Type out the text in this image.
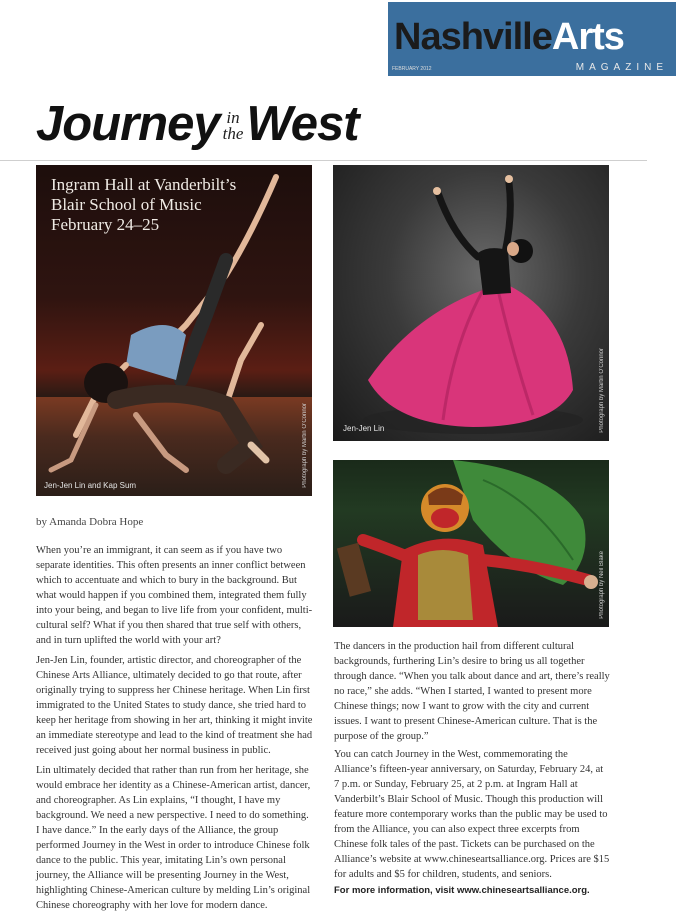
NashvilleArts
FEBRUARY 2012	MAGAZINE
Journey in
theWest
Ingram Hall at Vanderbilt’s
Blair School of Music
February 24–25
Jen-Jen Lin and Kap Sum	Photograph by Martin O’Connor	Jen-Jen Lin	Photograph by Martin O’Connor
Photograph by Neil Blake
by Amanda Dobra Hope

When you’re an immigrant, it can seem as if you have two separate identities. This often presents an inner conflict between which to accentuate and which to bury in the background. But what would happen if you combined them, integrated them fully into your being, and began to live life from your confident, multi-cultural self? What if you then shared that true self with others, and in turn uplifted the world with your art?

Jen-Jen Lin, founder, artistic director, and choreographer of the Chinese Arts Alliance, ultimately decided to go that route, after originally trying to suppress her Chinese heritage. When Lin first immigrated to the United States to study dance, she tried hard to keep her heritage from showing in her art, thinking it might invite an immediate stereotype and lead to the kind of treatment she had received just going about her normal business in public.

Lin ultimately decided that rather than run from her heritage, she would embrace her identity as a Chinese-American artist, dancer, and choreographer. As Lin explains, “I thought, I have my background. We need a new perspective. I need to do something. I have dance.” In the early days of the Alliance, the group performed Journey in the West in order to introduce Chinese folk dance to the public. This year, imitating Lin’s own personal journey, the Alliance will be presenting Journey in the West, highlighting Chinese-American culture by melding Lin’s original Chinese choreography with her love for modern dance.

The dancers in the production hail from different cultural backgrounds, furthering Lin’s desire to bring us all together through dance. “When you talk about dance and art, there’s really no race,” she adds. “When I started, I wanted to present more Chinese things; now I want to grow with the city and current issues. I want to present Chinese-American culture. That is the purpose of the group.”

You can catch Journey in the West, commemorating the Alliance’s fifteen-year anniversary, on Saturday, February 24, at 7 p.m. or Sunday, February 25, at 2 p.m. at Ingram Hall at Vanderbilt’s Blair School of Music. Though this production will feature more contemporary works than the public may be used to from the Alliance, you can also expect three excerpts from Chinese folk tales of the past. Tickets can be purchased on the Alliance’s website at www.chineseartsalliance.org. Prices are $15 for adults and $5 for children, students, and seniors.

For more information, visit www.chineseartsalliance.org.
